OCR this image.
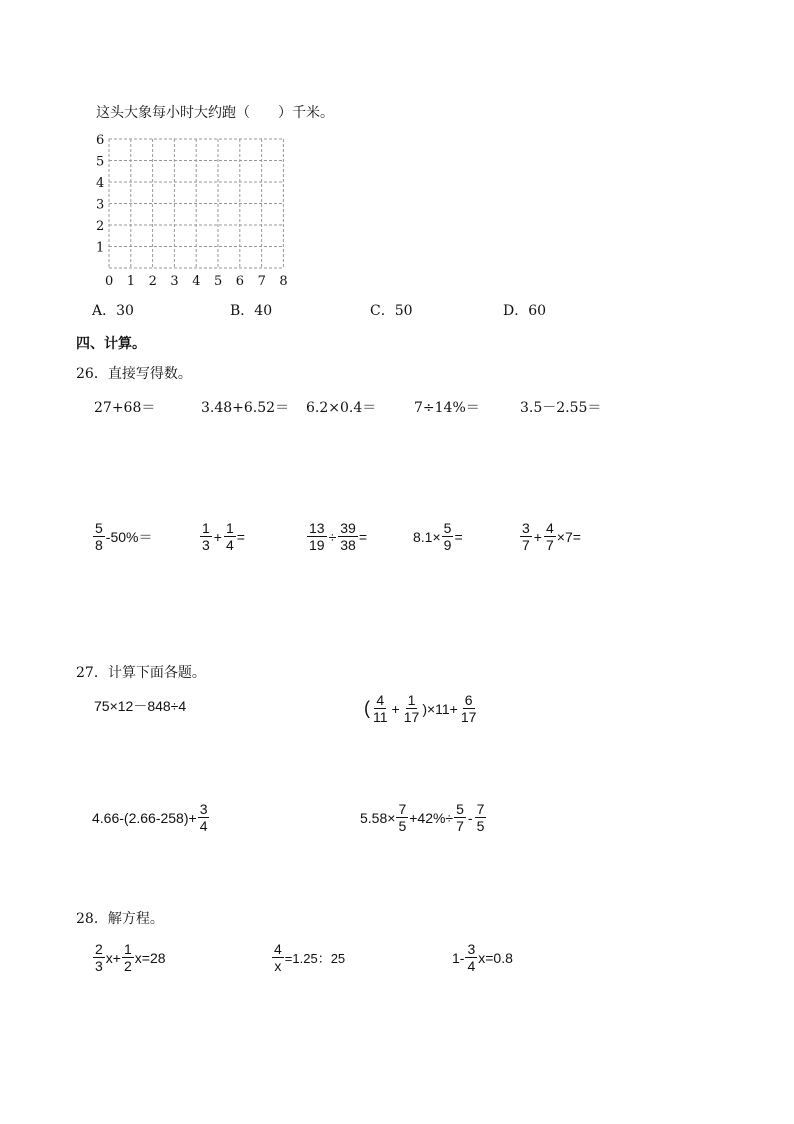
这头大象每小时大约跑（　　）千米。
6
5
4
3
2
1
0 1 2 3 4 5 6 7 8
A．30	B．40	C．50	D．60
四、计算。
26．直接写得数。
27+68＝	3.48+6.52＝ 6.2×0.4＝	7÷14%＝	3.5－2.55＝
$\frac{5}{8} -50\%=$	$\frac{1}{3} + \frac{1}{4}$ =	$\frac{13}{19} \div \frac{39}{38}$ =	$8.1\times \frac{5}{9}$ =	$\frac{3}{7} + \frac{4}{7} \times 7=$
27．计算下面各题。
75×12－848÷4	( $\frac{4}{11} + \frac{1}{17} )\times 11+ \frac{6}{17}$
$4.66-(2.66-258)+ \frac{3}{4}$	$5.58\times \frac{7}{5} +42\%\div \frac{5}{7} - \frac{7}{5}$
28．解方程。
$\frac{2}{3} x+ \frac{1}{2} x=28$	$\frac{4}{x} =1.25$：25	$1- \frac{3}{4} x=0.8$
